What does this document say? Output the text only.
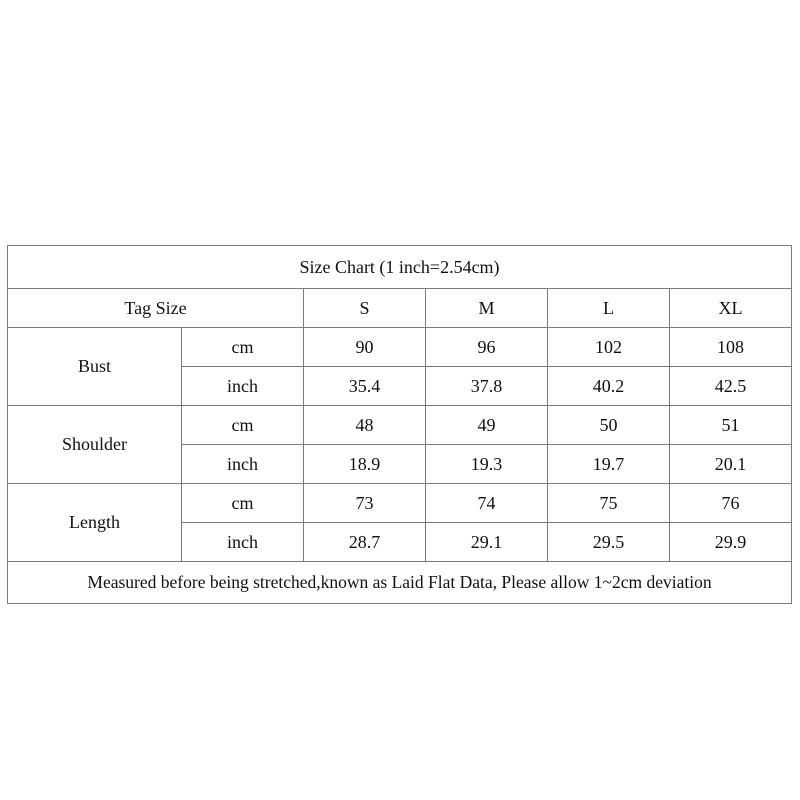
Size Chart (1 inch=2.54cm)					
Tag Size		S	M	L	XL
Bust	cm	90	96	102	108
	inch	35.4	37.8	40.2	42.5
Shoulder	cm	48	49	50	51
	inch	18.9	19.3	19.7	20.1
Length	cm	73	74	75	76
	inch	28.7	29.1	29.5	29.9
Measured before being stretched,known as Laid Flat Data, Please allow 1~2cm deviation					
